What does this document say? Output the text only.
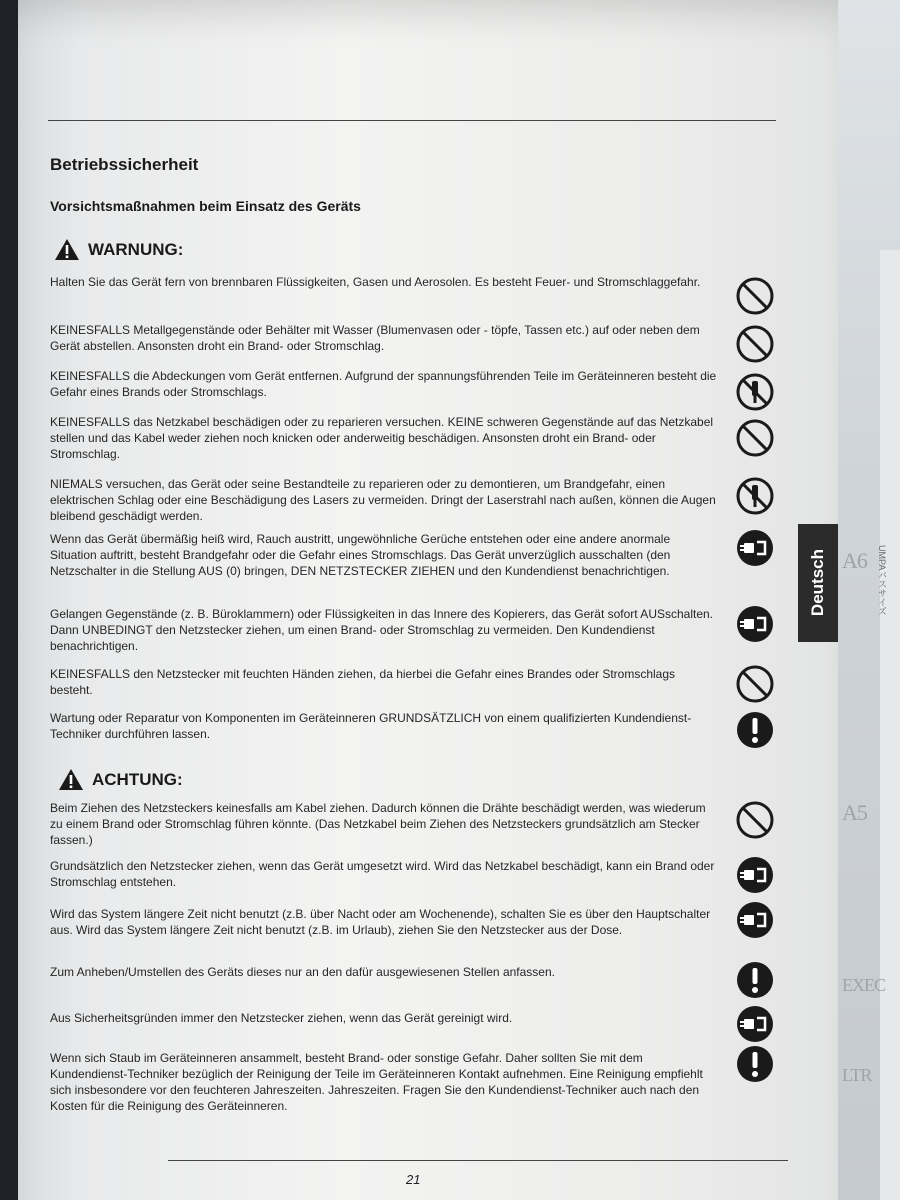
A6
A5
EXEC
LTR
UMPAバスサイズ
Betriebssicherheit
Vorsichtsmaßnahmen beim Einsatz des Geräts
WARNUNG:
Halten Sie das Gerät fern von brennbaren Flüssigkeiten, Gasen und Aerosolen. Es besteht Feuer- und Stromschlaggefahr.
KEINESFALLS Metallgegenstände oder Behälter mit Wasser (Blumenvasen oder - töpfe, Tassen etc.) auf oder neben dem Gerät abstellen. Ansonsten droht ein Brand- oder Stromschlag.
KEINESFALLS die Abdeckungen vom Gerät entfernen. Aufgrund der spannungsführenden Teile im Geräteinneren besteht die Gefahr eines Brands oder Stromschlags.
KEINESFALLS das Netzkabel beschädigen oder zu reparieren versuchen. KEINE schweren Gegenstände auf das Netzkabel stellen und das Kabel weder ziehen noch knicken oder anderweitig beschädigen. Ansonsten droht ein Brand- oder Stromschlag.
NIEMALS versuchen, das Gerät oder seine Bestandteile zu reparieren oder zu demontieren, um Brandgefahr, einen elektrischen Schlag oder eine Beschädigung des Lasers zu vermeiden. Dringt der Laserstrahl nach außen, können die Augen bleibend geschädigt werden.
Wenn das Gerät übermäßig heiß wird, Rauch austritt, ungewöhnliche Gerüche entstehen oder eine andere anormale Situation auftritt, besteht Brandgefahr oder die Gefahr eines Stromschlags. Das Gerät unverzüglich ausschalten (den Netzschalter in die Stellung AUS (0) bringen, DEN NETZSTECKER ZIEHEN und den Kundendienst benachrichtigen.
Gelangen Gegenstände (z. B. Büroklammern) oder Flüssigkeiten in das Innere des Kopierers, das Gerät sofort AUSschalten. Dann UNBEDINGT den Netzstecker ziehen, um einen Brand- oder Stromschlag zu vermeiden. Den Kundendienst benachrichtigen.
KEINESFALLS den Netzstecker mit feuchten Händen ziehen, da hierbei die Gefahr eines Brandes oder Stromschlags besteht.
Wartung oder Reparatur von Komponenten im Geräteinneren GRUNDSÄTZLICH von einem qualifizierten Kundendienst-Techniker durchführen lassen.
ACHTUNG:
Beim Ziehen des Netzsteckers keinesfalls am Kabel ziehen. Dadurch können die Drähte beschädigt werden, was wiederum zu einem Brand oder Stromschlag führen könnte. (Das Netzkabel beim Ziehen des Netzsteckers grundsätzlich am Stecker fassen.)
Grundsätzlich den Netzstecker ziehen, wenn das Gerät umgesetzt wird. Wird das Netzkabel beschädigt, kann ein Brand oder Stromschlag entstehen.
Wird das System längere Zeit nicht benutzt (z.B. über Nacht oder am Wochenende), schalten Sie es über den Hauptschalter aus. Wird das System längere Zeit nicht benutzt (z.B. im Urlaub), ziehen Sie den Netzstecker aus der Dose.
Zum Anheben/Umstellen des Geräts dieses nur an den dafür ausgewiesenen Stellen anfassen.
Aus Sicherheitsgründen immer den Netzstecker ziehen, wenn das Gerät gereinigt wird.
Wenn sich Staub im Geräteinneren ansammelt, besteht Brand- oder sonstige Gefahr. Daher sollten Sie mit dem Kundendienst-Techniker bezüglich der Reinigung der Teile im Geräteinneren Kontakt aufnehmen. Eine Reinigung empfiehlt sich insbesondere vor den feuchteren Jahreszeiten. Jahreszeiten. Fragen Sie den Kundendienst-Techniker auch nach den Kosten für die Reinigung des Geräteinneren.
Deutsch
21
